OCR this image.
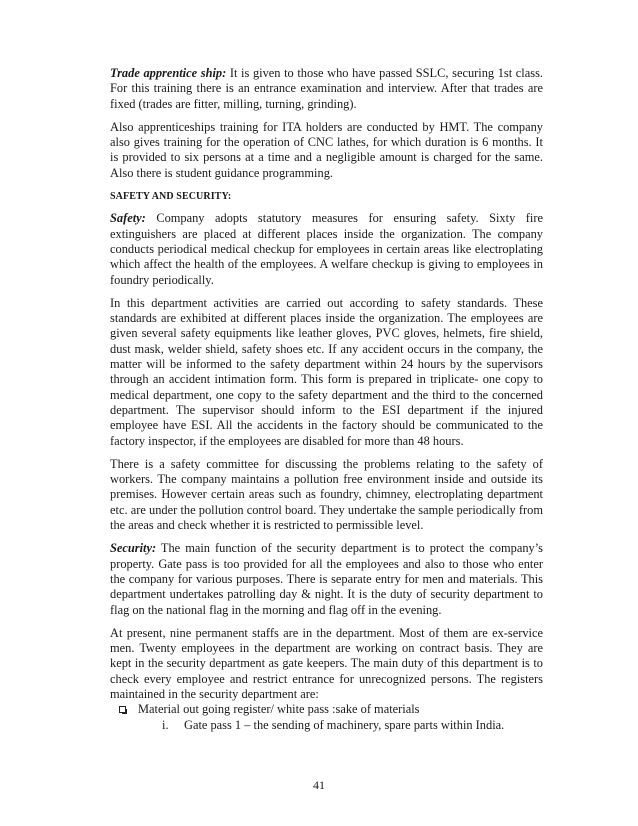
Trade apprentice ship: It is given to those who have passed SSLC, securing 1st class. For this training there is an entrance examination and interview. After that trades are fixed (trades are fitter, milling, turning, grinding).

Also apprenticeships training for ITA holders are conducted by HMT. The company also gives training for the operation of CNC lathes, for which duration is 6 months. It is provided to six persons at a time and a negligible amount is charged for the same. Also there is student guidance programming.

SAFETY AND SECURITY:

Safety: Company adopts statutory measures for ensuring safety. Sixty fire extinguishers are placed at different places inside the organization. The company conducts periodical medical checkup for employees in certain areas like electroplating which affect the health of the employees. A welfare checkup is giving to employees in foundry periodically.

In this department activities are carried out according to safety standards. These standards are exhibited at different places inside the organization. The employees are given several safety equipments like leather gloves, PVC gloves, helmets, fire shield, dust mask, welder shield, safety shoes etc. If any accident occurs in the company, the matter will be informed to the safety department within 24 hours by the supervisors through an accident intimation form. This form is prepared in triplicate- one copy to medical department, one copy to the safety department and the third to the concerned department. The supervisor should inform to the ESI department if the injured employee have ESI. All the accidents in the factory should be communicated to the factory inspector, if the employees are disabled for more than 48 hours.

There is a safety committee for discussing the problems relating to the safety of workers. The company maintains a pollution free environment inside and outside its premises. However certain areas such as foundry, chimney, electroplating department etc. are under the pollution control board. They undertake the sample periodically from the areas and check whether it is restricted to permissible level.

Security: The main function of the security department is to protect the company’s property. Gate pass is too provided for all the employees and also to those who enter the company for various purposes. There is separate entry for men and materials. This department undertakes patrolling day & night. It is the duty of security department to flag on the national flag in the morning and flag off in the evening.

At present, nine permanent staffs are in the department. Most of them are ex-service men. Twenty employees in the department are working on contract basis. They are kept in the security department as gate keepers. The main duty of this department is to check every employee and restrict entrance for unrecognized persons. The registers maintained in the security department are:

Material out going register/ white pass :sake of materials

i. Gate pass 1 – the sending of machinery, spare parts within India.

41
